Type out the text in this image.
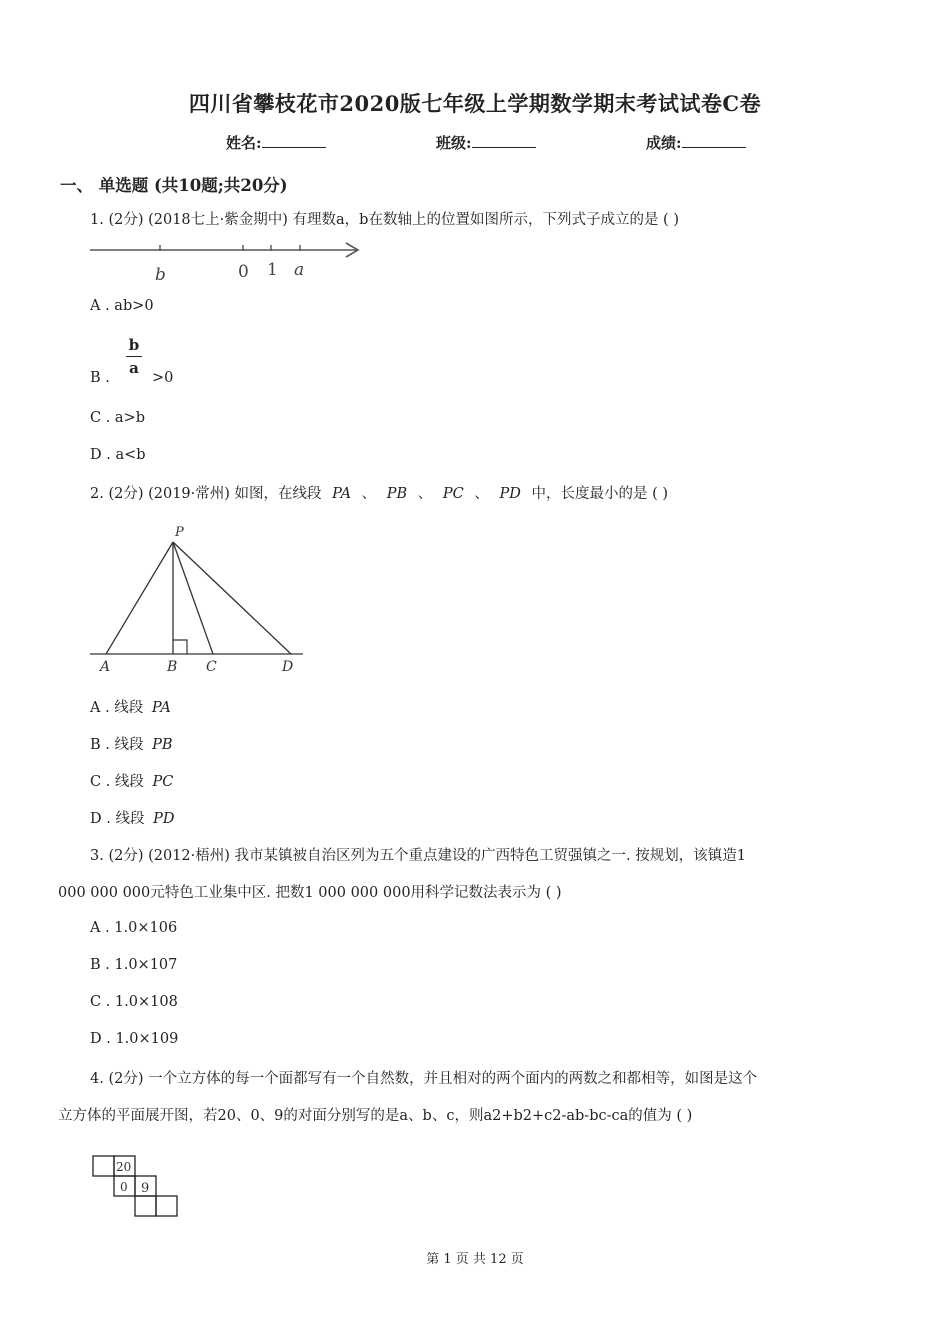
四川省攀枝花市2020版七年级上学期数学期末考试试卷C卷
姓名:	班级:	成绩:
一、 单选题 (共10题;共20分)
1. (2分) (2018七上·紫金期中) 有理数a，b在数轴上的位置如图所示，下列式子成立的是 ( )
b	0 1 a
A . ab>0
B .
b
a
>0
C . a>b
D . a<b
2. (2分) (2019·常州) 如图，在线段 PA 、 PB 、 PC 、 PD 中，长度最小的是 ( )
P
A	B C	D
A . 线段 PA
B . 线段 PB
C . 线段 PC
D . 线段 PD
3. (2分) (2012·梧州) 我市某镇被自治区列为五个重点建设的广西特色工贸强镇之一. 按规划，该镇造1
000 000 000元特色工业集中区. 把数1 000 000 000用科学记数法表示为 ( )
A . 1.0×106
B . 1.0×107
C . 1.0×108
D . 1.0×109
4. (2分) 一个立方体的每一个面都写有一个自然数，并且相对的两个面内的两数之和都相等，如图是这个
立方体的平面展开图，若20、0、9的对面分别写的是a、b、c，则a2+b2+c2-ab-bc-ca的值为 ( )
20
0 9
第 1 页 共 12 页
